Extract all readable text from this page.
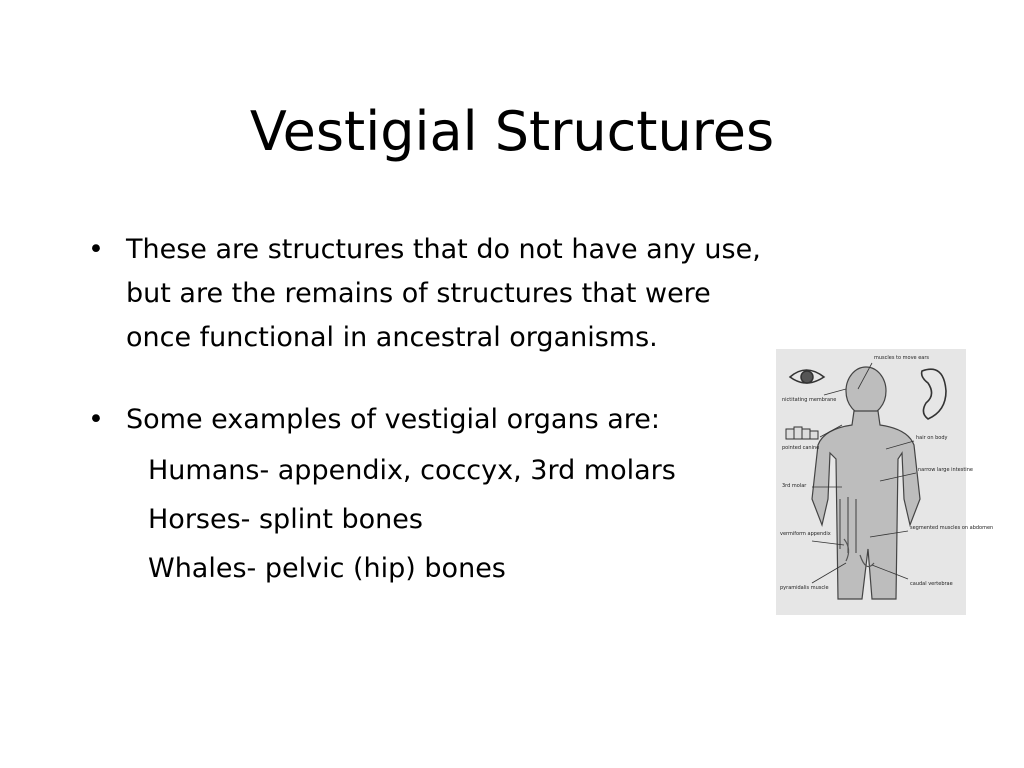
Vestigial Structures
• These are structures that do not have any use, but are the remains of structures that were once functional in ancestral organisms.
• Some examples of vestigial organs are:
Humans- appendix, coccyx, 3rd molars
Horses- splint bones
Whales- pelvic (hip) bones
muscles to move ears
nictitating membrane
pointed canine
3rd molar
hair on body
narrow large intestine
vermiform appendix
segmented muscles on abdomen
pyramidalis muscle
caudal vertebrae
